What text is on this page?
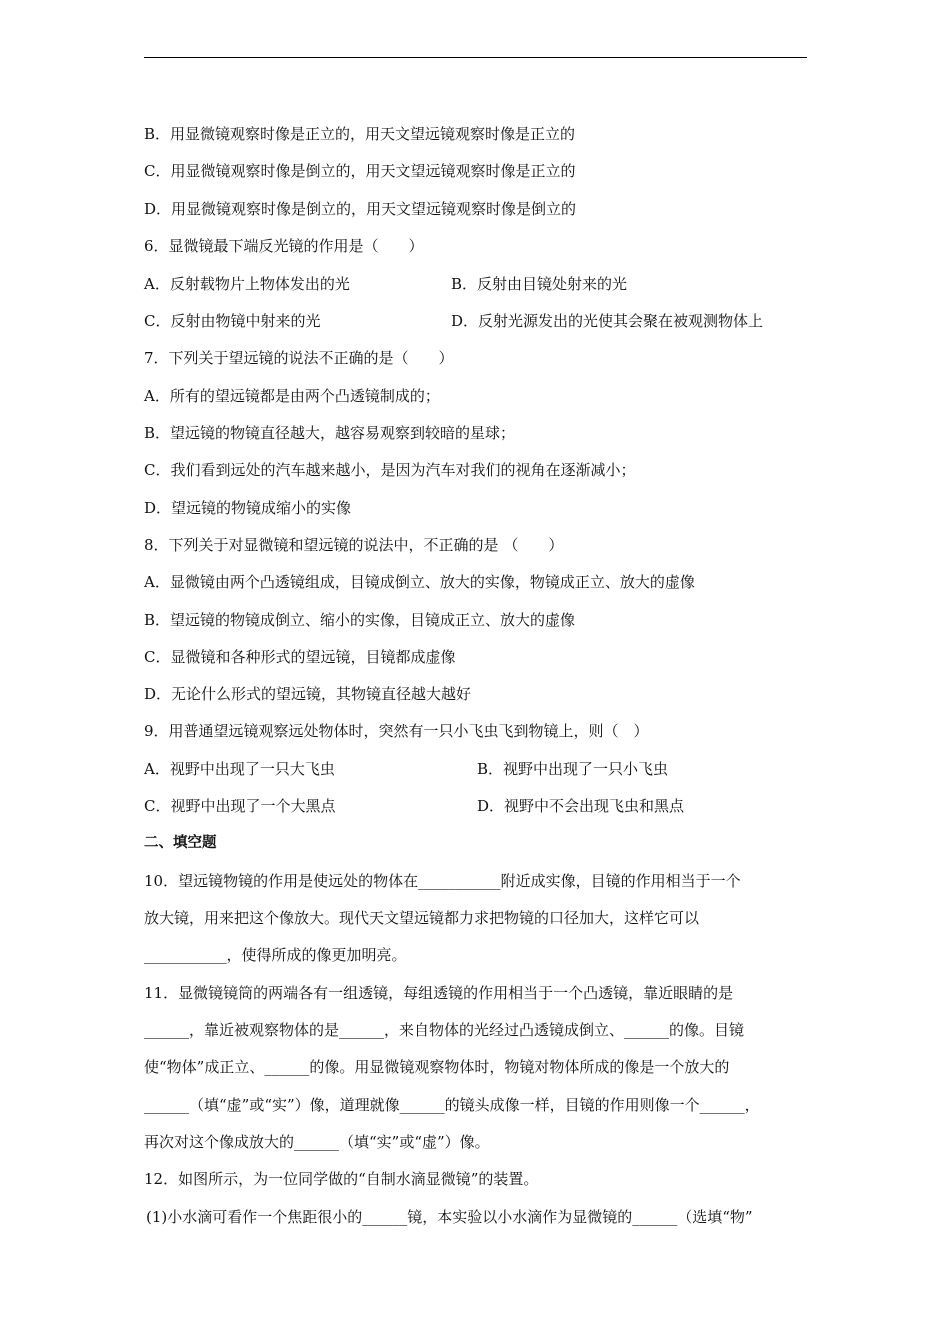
B．用显微镜观察时像是正立的，用天文望远镜观察时像是正立的
C．用显微镜观察时像是倒立的，用天文望远镜观察时像是正立的
D．用显微镜观察时像是倒立的，用天文望远镜观察时像是倒立的
6．显微镜最下端反光镜的作用是（　　）
A．反射载物片上物体发出的光	B．反射由目镜处射来的光
C．反射由物镜中射来的光	D．反射光源发出的光使其会聚在被观测物体上
7．下列关于望远镜的说法不正确的是（　　）
A．所有的望远镜都是由两个凸透镜制成的；
B．望远镜的物镜直径越大，越容易观察到较暗的星球；
C．我们看到远处的汽车越来越小，是因为汽车对我们的视角在逐渐减小；
D．望远镜的物镜成缩小的实像
8．下列关于对显微镜和望远镜的说法中，不正确的是 （　　）
A．显微镜由两个凸透镜组成，目镜成倒立、放大的实像，物镜成正立、放大的虚像
B．望远镜的物镜成倒立、缩小的实像，目镜成正立、放大的虚像
C．显微镜和各种形式的望远镜，目镜都成虚像
D．无论什么形式的望远镜，其物镜直径越大越好
9．用普通望远镜观察远处物体时，突然有一只小飞虫飞到物镜上，则（　）
A．视野中出现了一只大飞虫	B．视野中出现了一只小飞虫
C．视野中出现了一个大黑点	D．视野中不会出现飞虫和黑点
二、填空题
10．望远镜物镜的作用是使远处的物体在___________附近成实像，目镜的作用相当于一个
放大镜，用来把这个像放大。现代天文望远镜都力求把物镜的口径加大，这样它可以
___________，使得所成的像更加明亮。
11．显微镜镜筒的两端各有一组透镜，每组透镜的作用相当于一个凸透镜，靠近眼睛的是
______，靠近被观察物体的是______，来自物体的光经过凸透镜成倒立、______的像。目镜
使“物体”成正立、______的像。用显微镜观察物体时，物镜对物体所成的像是一个放大的
______（填“虚”或“实”）像，道理就像______的镜头成像一样，目镜的作用则像一个______，
再次对这个像成放大的______（填“实”或“虚”）像。
12．如图所示，为一位同学做的“自制水滴显微镜”的装置。
(1)小水滴可看作一个焦距很小的______镜，本实验以小水滴作为显微镜的______（选填“物”
